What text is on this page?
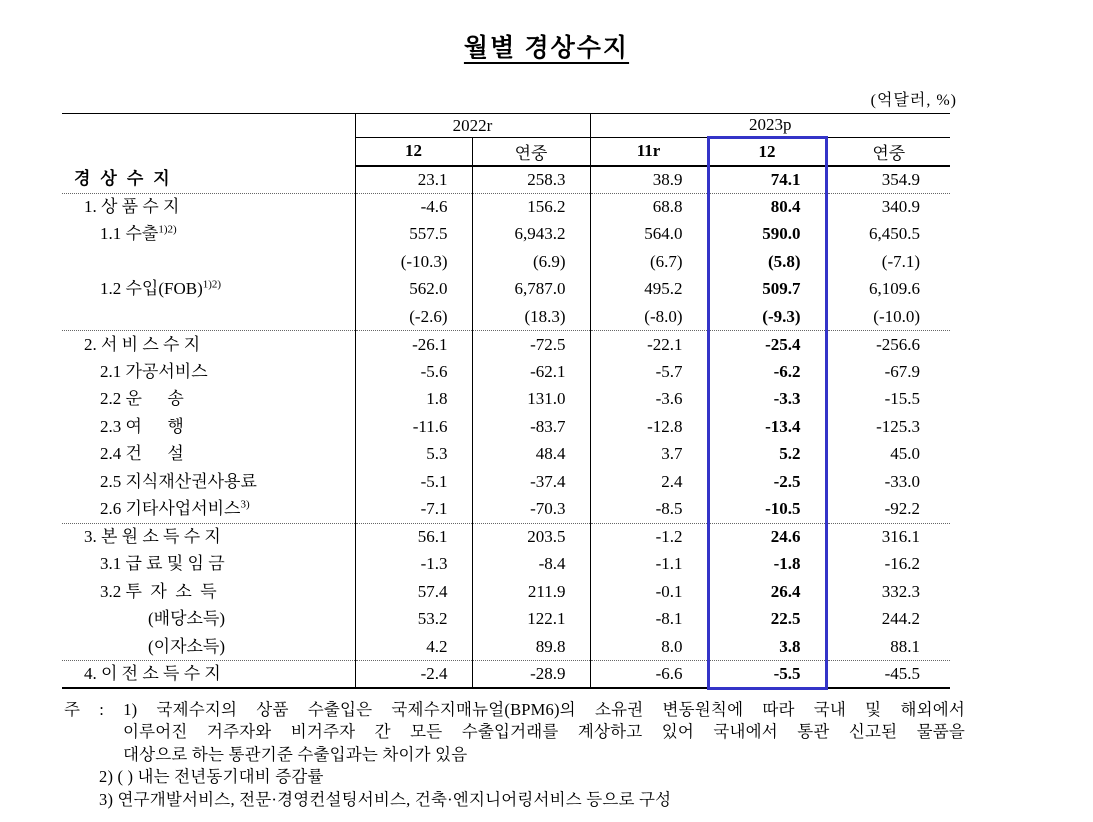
월별 경상수지
(억달러, %)
	2022r		2023p		
	12	연중	11r	12	연중
경  상  수  지	23.1	258.3	38.9	74.1	354.9
1. 상 품 수 지	-4.6	156.2	68.8	80.4	340.9
1.1 수출$^{1)2)}$	557.5	6,943.2	564.0	590.0	6,450.5
	(-10.3)	(6.9)	(6.7)	(5.8)	(-7.1)
1.2 수입(FOB)$^{1)2)}$	562.0	6,787.0	495.2	509.7	6,109.6
	(-2.6)	(18.3)	(-8.0)	(-9.3)	(-10.0)
2. 서 비 스 수 지	-26.1	-72.5	-22.1	-25.4	-256.6
2.1 가공서비스	-5.6	-62.1	-5.7	-6.2	-67.9
2.2 운      송	1.8	131.0	-3.6	-3.3	-15.5
2.3 여      행	-11.6	-83.7	-12.8	-13.4	-125.3
2.4 건      설	5.3	48.4	3.7	5.2	45.0
2.5 지식재산권사용료	-5.1	-37.4	2.4	-2.5	-33.0
2.6 기타사업서비스$^{3)}$	-7.1	-70.3	-8.5	-10.5	-92.2
3. 본 원 소 득 수 지	56.1	203.5	-1.2	24.6	316.1
3.1 급 료 및 임 금	-1.3	-8.4	-1.1	-1.8	-16.2
3.2 투  자  소  득	57.4	211.9	-0.1	26.4	332.3
(배당소득)	53.2	122.1	-8.1	22.5	244.2
(이자소득)	4.2	89.8	8.0	3.8	88.1
4. 이 전 소 득 수 지	-2.4	-28.9	-6.6	-5.5	-45.5
주 : 1) 국제수지의 상품 수출입은 국제수지매뉴얼(BPM6)의 소유권 변동원칙에 따라 국내 및 해외에서
이루어진 거주자와 비거주자 간 모든 수출입거래를 계상하고 있어 국내에서 통관 신고된 물품을
대상으로 하는 통관기준 수출입과는 차이가 있음
2) ( ) 내는 전년동기대비 증감률
3) 연구개발서비스, 전문·경영컨설팅서비스, 건축·엔지니어링서비스 등으로 구성
